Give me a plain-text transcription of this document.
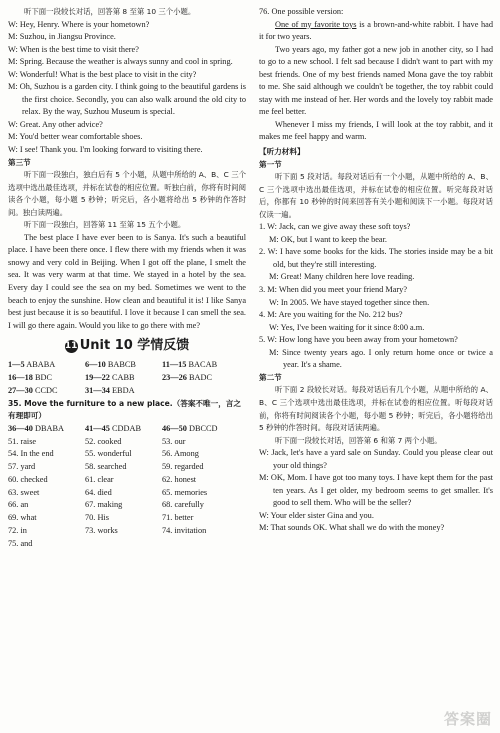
听下面一段较长对话，回答第 8 至第 10 三个小题。

W: Hey, Henry. Where is your hometown?

M: Suzhou, in Jiangsu Province.

W: When is the best time to visit there?

M: Spring. Because the weather is always sunny and cool in spring.

W: Wonderful! What is the best place to visit in the city?

M: Oh, Suzhou is a garden city. I think going to the beautiful gardens is the first choice. Secondly, you can also walk around the old city to relax. By the way, Suzhou Museum is special.

W: Great. Any other advice?

M: You'd better wear comfortable shoes.

W: I see! Thank you. I'm looking forward to visiting there.

第三节

听下面一段独白，独白后有 5 个小题，从题中所给的 A、B、C 三个选项中选出最佳选项，并标在试卷的相应位置。听独白前，你将有时间阅读各个小题，每小题 5 秒钟；听完后，各小题将给出 5 秒钟的作答时间。独白读两遍。

听下面一段独白，回答第 11 至第 15 五个小题。

The best place I have ever been to is Sanya. It's such a beautiful place. I have been there once. I flew there with my friends when it was snowy and very cold in Beijing. When I got off the plane, I smelt the sea. It was very warm at that time. We stayed in a hotel by the sea. Every day I could see the sea on my bed. Sometimes we went to the beach to enjoy the sunshine. How clean and beautiful it is! I like Sanya best just because it is so beautiful. I love it because I can smell the sea. I will go there again. Would you like to go there with me?

11 Unit 10 学情反馈
1—5 ABABA	6—10 BABCB	11—15 BACAB
16—18 BDC	19—22 CABB	23—26 BADC
27—30 CCDC	31—34 EBDA

35. Move the furniture to a new place.（答案不唯一，言之有理即可）

36—40 DBABA	41—45 CDDAB	46—50 DBCCD
51. raise	52. cooked	53. our
54. In the end	55. wonderful	56. Among
57. yard	58. searched	59. regarded
60. checked	61. clear	62. honest
63. sweet	64. died	65. memories
66. an	67. making	68. carefully
69. what	70. His	71. better
72. in	73. works	74. invitation
75. and

76. One possible version:

One of my favorite toys is a brown-and-white rabbit. I have had it for two years.

Two years ago, my father got a new job in another city, so I had to go to a new school. I felt sad because I didn't want to part with my best friends. One of my best friends named Mona gave the toy rabbit to me. She said although we couldn't be together, the toy rabbit could stay with me instead of her. Her words and the lovely toy rabbit made me feel better.

Whenever I miss my friends, I will look at the toy rabbit, and it makes me feel happy and warm.

【听力材料】

第一节

听下面 5 段对话。每段对话后有一个小题，从题中所给的 A、B、C 三个选项中选出最佳选项，并标在试卷的相应位置。听完每段对话后，你都有 10 秒钟的时间来回答有关小题和阅读下一小题。每段对话仅读一遍。

1. W: Jack, can we give away these soft toys?

M: OK, but I want to keep the bear.

2. W: I have some books for the kids. The stories inside may be a bit old, but they're still interesting.

M: Great! Many children here love reading.

3. M: When did you meet your friend Mary?

W: In 2005. We have stayed together since then.

4. M: Are you waiting for the No. 212 bus?

W: Yes, I've been waiting for it since 8:00 a.m.

5. W: How long have you been away from your hometown?

M: Since twenty years ago. I only return home once or twice a year. It's a shame.

第二节

听下面 2 段较长对话。每段对话后有几个小题，从题中所给的 A、B、C 三个选项中选出最佳选项，并标在试卷的相应位置。听每段对话前，你将有时间阅读各个小题，每小题 5 秒钟；听完后，各小题将给出 5 秒钟的作答时间。每段对话读两遍。

听下面一段较长对话，回答第 6 和第 7 两个小题。

W: Jack, let's have a yard sale on Sunday. Could you please clear out your old things?

M: OK, Mom. I have got too many toys. I have kept them for the past ten years. As I get older, my bedroom seems to get smaller. It's good to sell them. Who will be the seller?

W: Your elder sister Gina and you.

M: That sounds OK. What shall we do with the money?

答案圈
